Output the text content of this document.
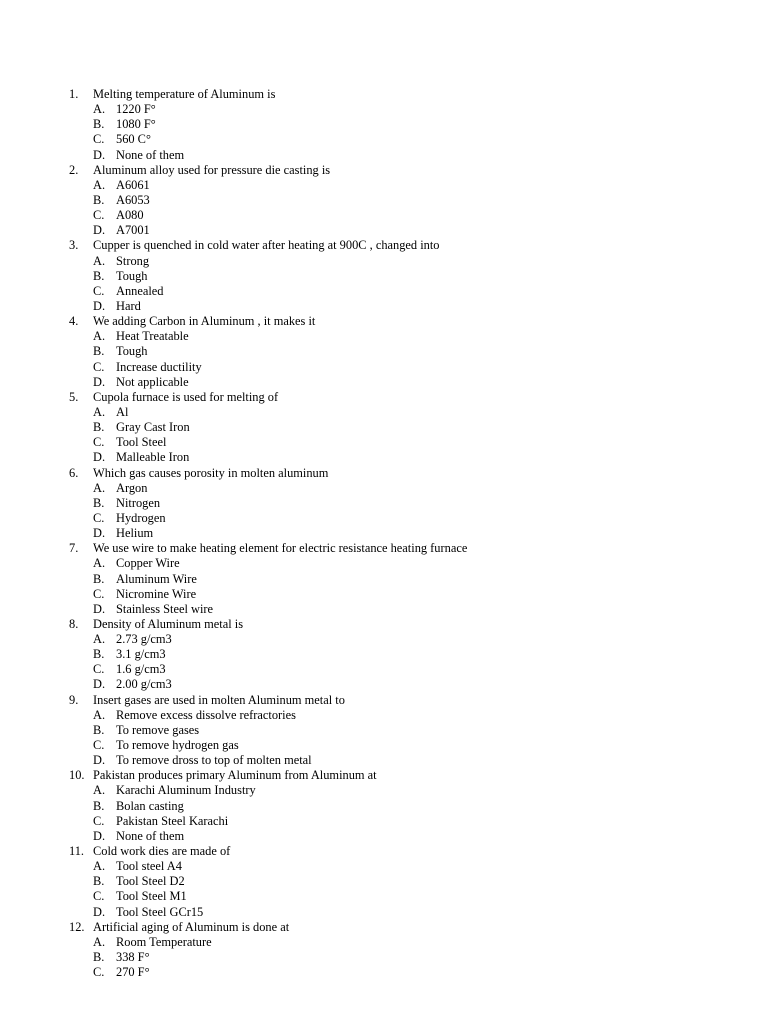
1. Melting temperature of Aluminum is
A. 1220 F°
B. 1080 F°
C. 560 C°
D. None of them
2. Aluminum alloy used for pressure die casting is
A. A6061
B. A6053
C. A080
D. A7001
3. Cupper is quenched in cold water after heating at 900C , changed into
A. Strong
B. Tough
C. Annealed
D. Hard
4. We adding Carbon in Aluminum , it makes it
A. Heat Treatable
B. Tough
C. Increase ductility
D. Not applicable
5. Cupola furnace is used for melting of
A. Al
B. Gray Cast Iron
C. Tool Steel
D. Malleable Iron
6. Which gas causes porosity in molten aluminum
A. Argon
B. Nitrogen
C. Hydrogen
D. Helium
7. We use wire to make heating element for electric resistance heating furnace
A. Copper Wire
B. Aluminum Wire
C. Nicromine Wire
D. Stainless Steel wire
8. Density of Aluminum metal is
A. 2.73 g/cm3
B. 3.1 g/cm3
C. 1.6 g/cm3
D. 2.00 g/cm3
9. Insert gases are used in molten Aluminum metal to
A. Remove excess dissolve refractories
B. To remove gases
C. To remove hydrogen gas
D. To remove dross to top of molten metal
10. Pakistan produces primary Aluminum from Aluminum at
A. Karachi Aluminum Industry
B. Bolan casting
C. Pakistan Steel Karachi
D. None of them
11. Cold work dies are made of
A. Tool steel A4
B. Tool Steel D2
C. Tool Steel M1
D. Tool Steel GCr15
12. Artificial aging of Aluminum is done at
A. Room Temperature
B. 338 F°
C. 270 F°
